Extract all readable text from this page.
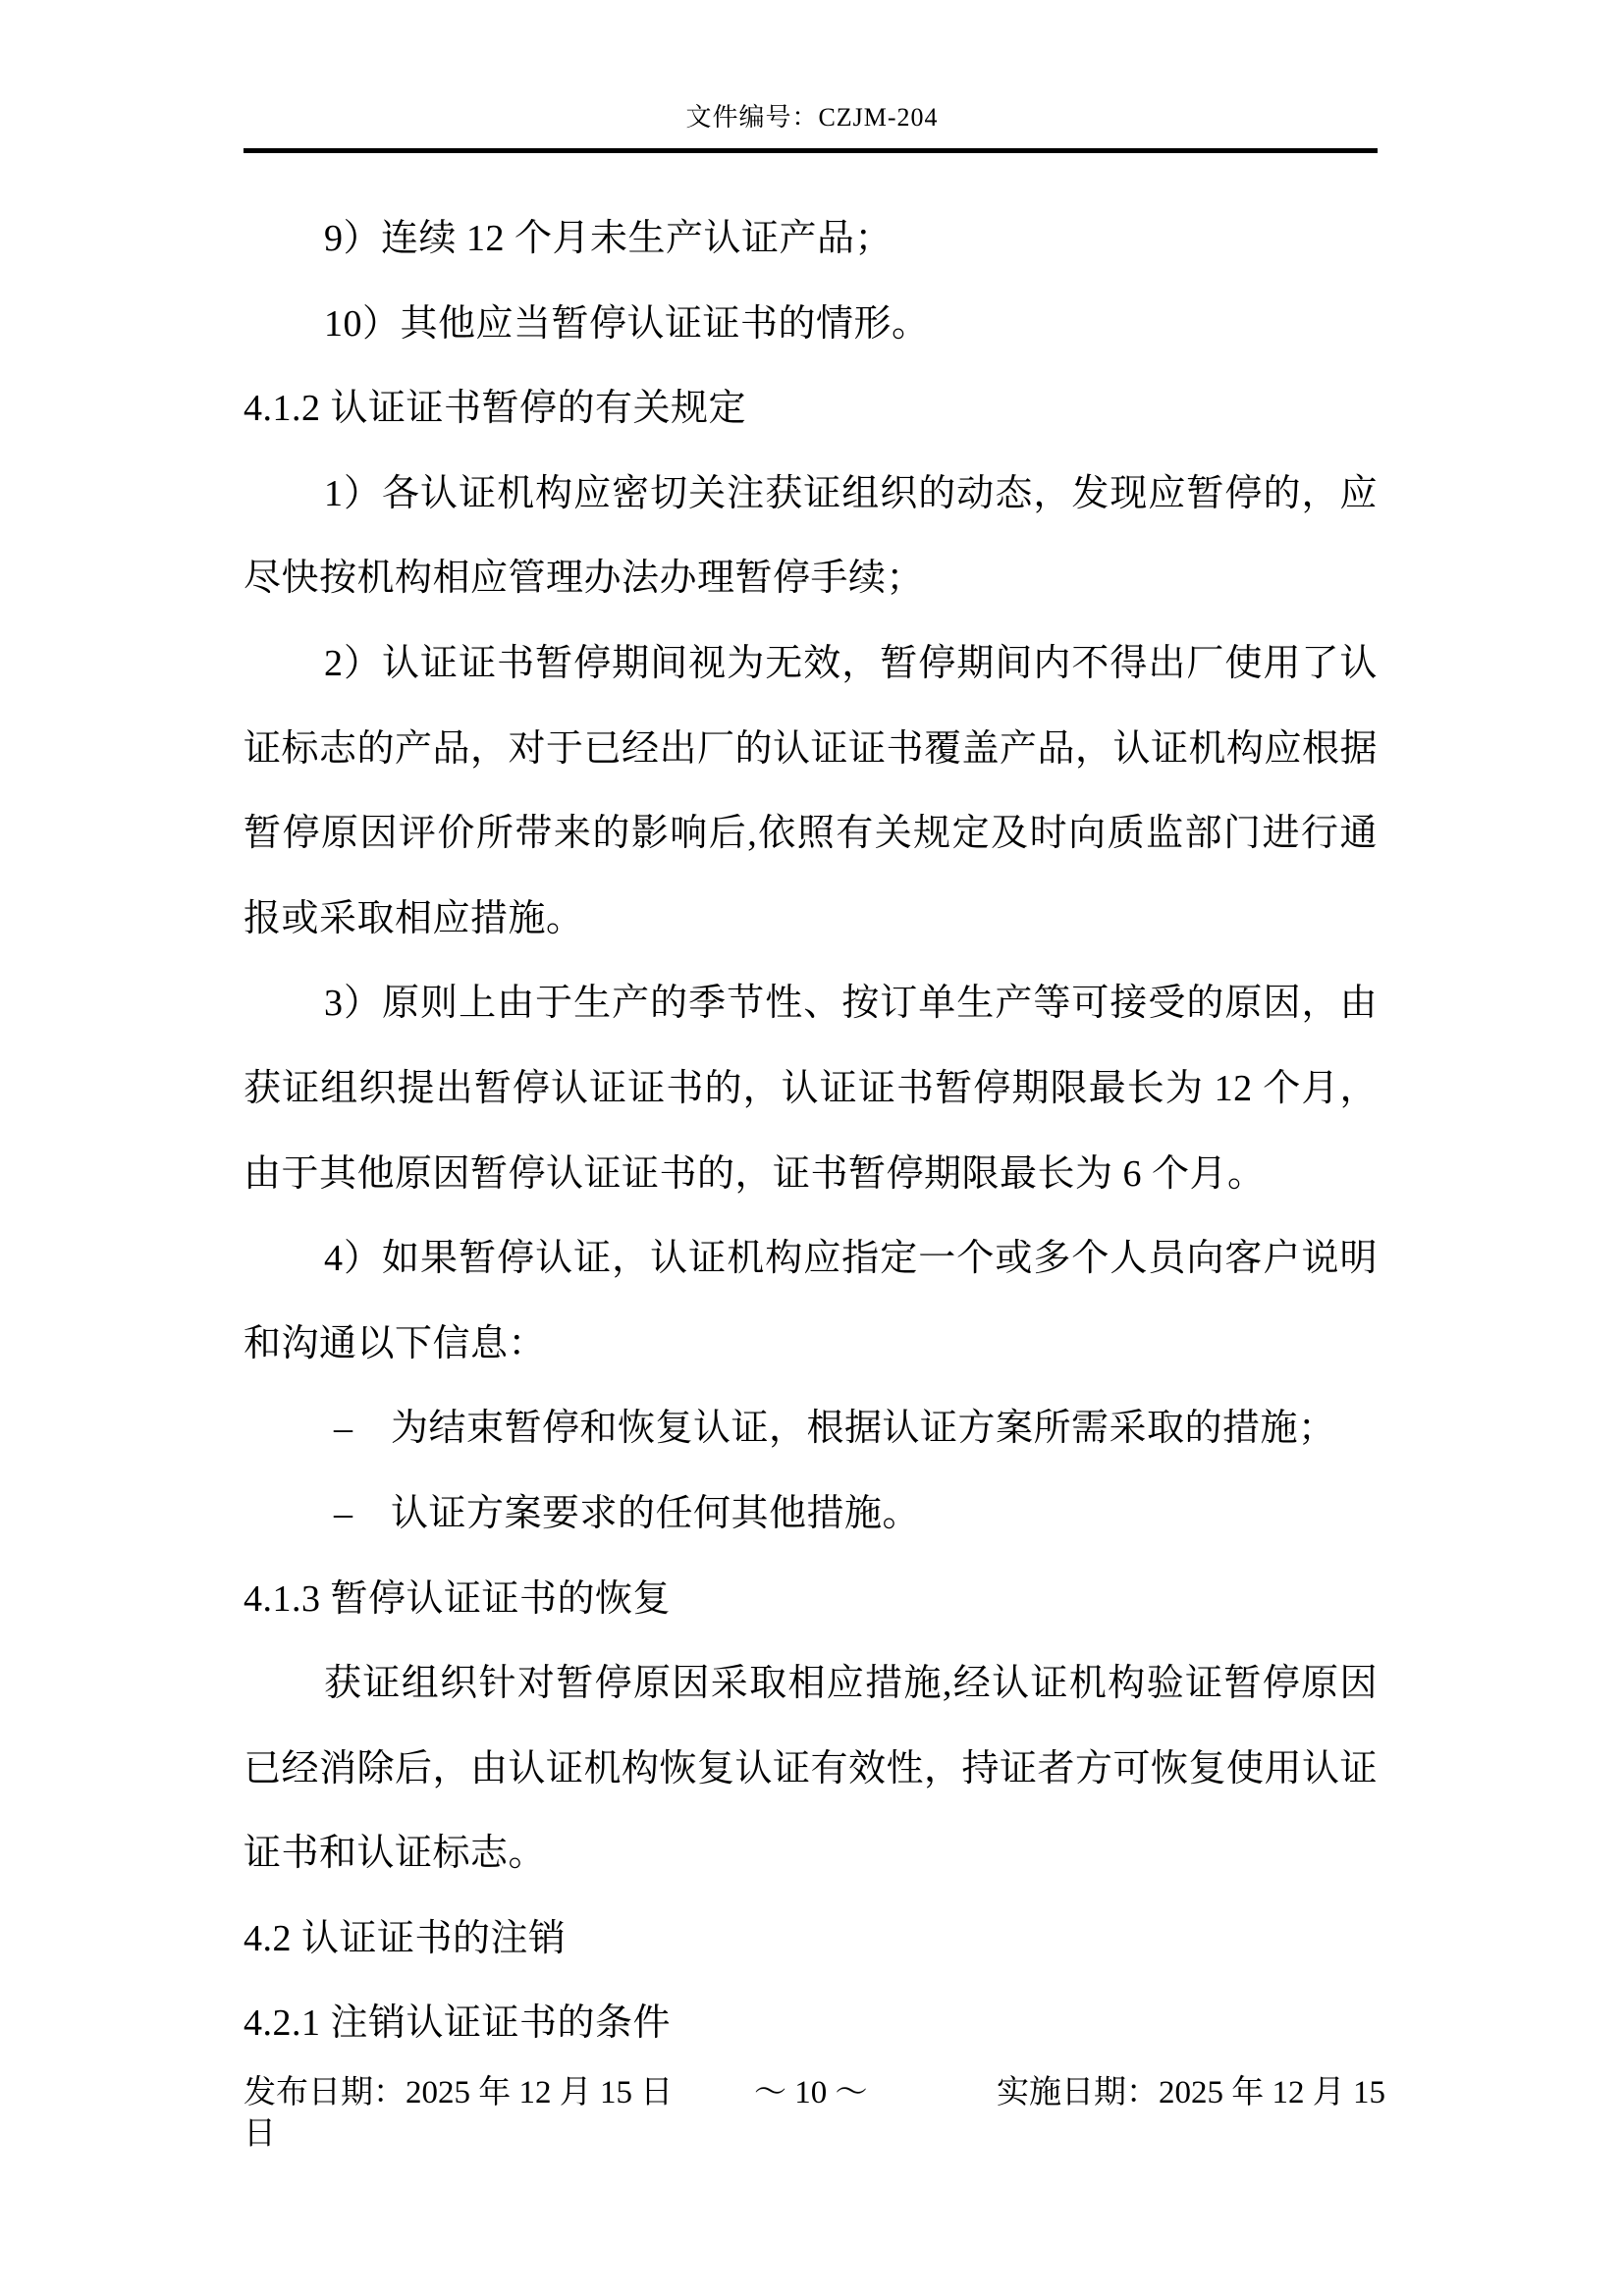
文件编号：CZJM-204
9）连续 12 个月未生产认证产品；
10）其他应当暂停认证证书的情形。
4.1.2 认证证书暂停的有关规定
1）各认证机构应密切关注获证组织的动态，发现应暂停的，应
尽快按机构相应管理办法办理暂停手续；
2）认证证书暂停期间视为无效，暂停期间内不得出厂使用了认
证标志的产品，对于已经出厂的认证证书覆盖产品，认证机构应根据
暂停原因评价所带来的影响后,依照有关规定及时向质监部门进行通
报或采取相应措施。
3）原则上由于生产的季节性、按订单生产等可接受的原因，由
获证组织提出暂停认证证书的，认证证书暂停期限最长为 12 个月，
由于其他原因暂停认证证书的，证书暂停期限最长为 6 个月。
4）如果暂停认证，认证机构应指定一个或多个人员向客户说明
和沟通以下信息：
–　为结束暂停和恢复认证，根据认证方案所需采取的措施；
–　认证方案要求的任何其他措施。
4.1.3 暂停认证证书的恢复
获证组织针对暂停原因采取相应措施,经认证机构验证暂停原因
已经消除后，由认证机构恢复认证有效性，持证者方可恢复使用认证
证书和认证标志。
4.2 认证证书的注销
4.2.1 注销认证证书的条件
发布日期：2025 年 12 月 15 日	～ 10 ～	实施日期：2025 年 12 月 15
日
